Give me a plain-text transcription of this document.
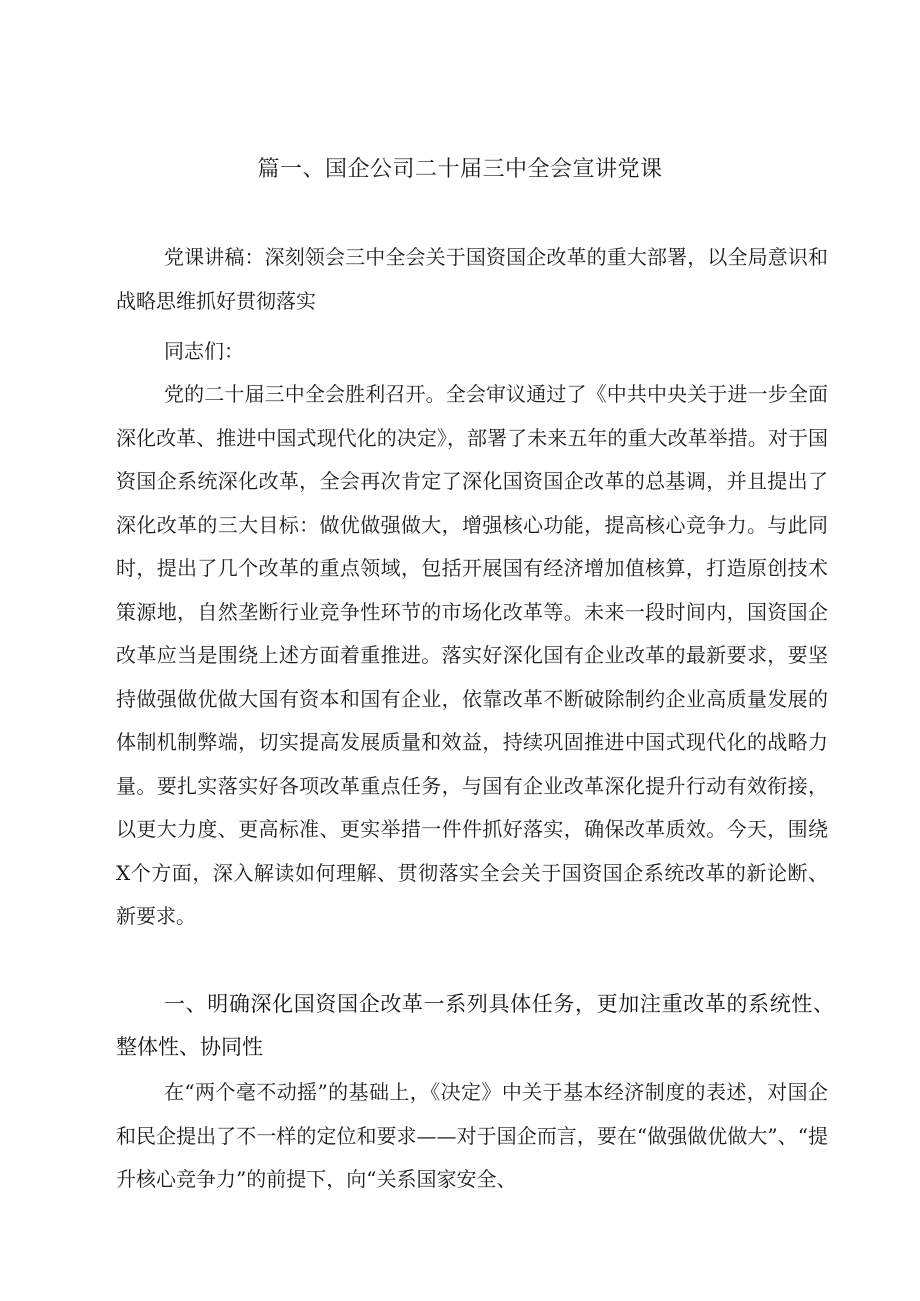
篇一、国企公司二十届三中全会宣讲党课

党课讲稿：深刻领会三中全会关于国资国企改革的重大部署，以全局意识和战略思维抓好贯彻落实

同志们：

党的二十届三中全会胜利召开。全会审议通过了《中共中央关于进一步全面深化改革、推进中国式现代化的决定》，部署了未来五年的重大改革举措。对于国资国企系统深化改革，全会再次肯定了深化国资国企改革的总基调，并且提出了深化改革的三大目标：做优做强做大，增强核心功能，提高核心竞争力。与此同时，提出了几个改革的重点领域，包括开展国有经济增加值核算，打造原创技术策源地，自然垄断行业竞争性环节的市场化改革等。未来一段时间内，国资国企改革应当是围绕上述方面着重推进。落实好深化国有企业改革的最新要求，要坚持做强做优做大国有资本和国有企业，依靠改革不断破除制约企业高质量发展的体制机制弊端，切实提高发展质量和效益，持续巩固推进中国式现代化的战略力量。要扎实落实好各项改革重点任务，与国有企业改革深化提升行动有效衔接，以更大力度、更高标准、更实举措一件件抓好落实，确保改革质效。今天，围绕X个方面，深入解读如何理解、贯彻落实全会关于国资国企系统改革的新论断、新要求。

一、明确深化国资国企改革一系列具体任务，更加注重改革的系统性、整体性、协同性

在“两个毫不动摇”的基础上，《决定》中关于基本经济制度的表述，对国企和民企提出了不一样的定位和要求——对于国企而言，要在“做强做优做大”、“提升核心竞争力”的前提下，向“关系国家安全、
